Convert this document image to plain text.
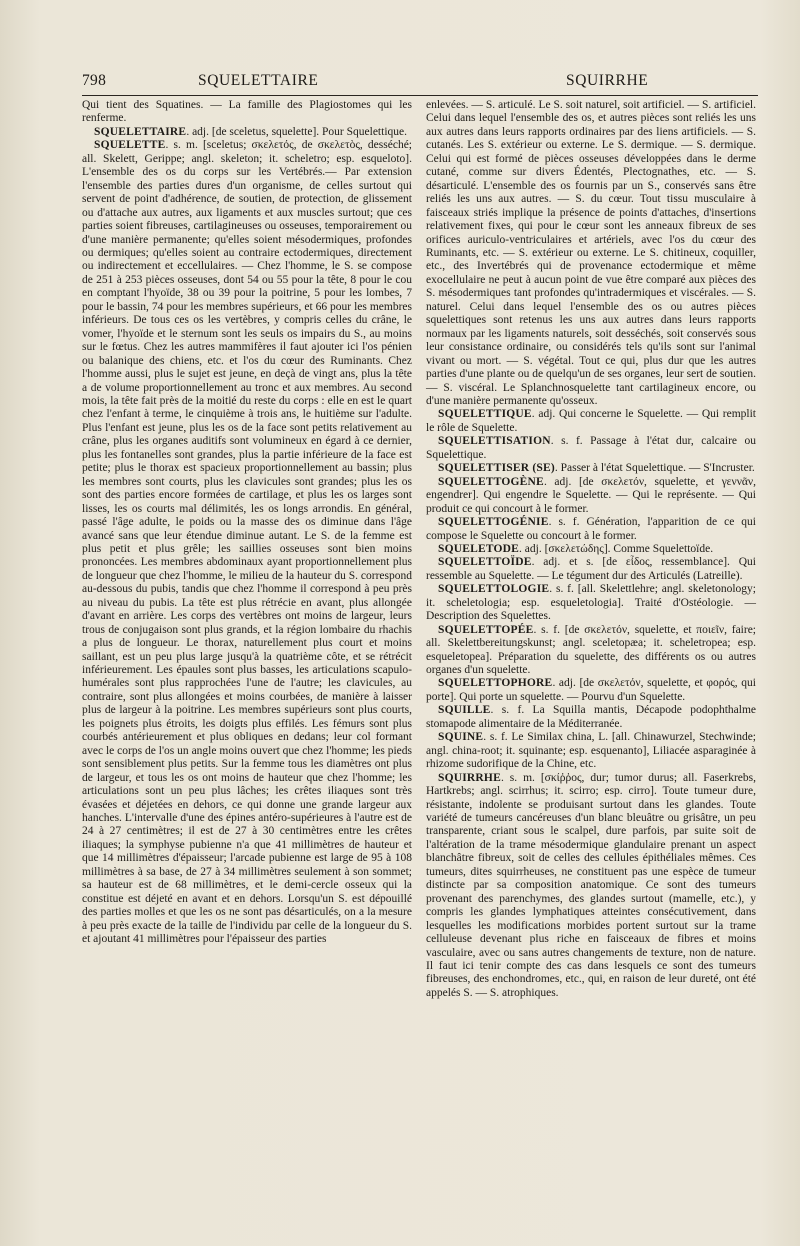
798	SQUELETTAIRE	SQUIRRHE

Qui tient des Squatines. — La famille des Plagiostomes qui les renferme.

SQUELETTAIRE. adj. [de sceletus, squelette]. Pour Squelettique.

SQUELETTE. s. m. [sceletus; σκελετός, de σκελετὸς, desséché; all. Skelett, Gerippe; angl. skeleton; it. scheletro; esp. esqueloto]. L'ensemble des os du corps sur les Vertébrés.— Par extension l'ensemble des parties dures d'un organisme, de celles surtout qui servent de point d'adhérence, de soutien, de protection, de glissement ou d'attache aux autres, aux ligaments et aux muscles surtout; que ces parties soient fibreuses, cartilagineuses ou osseuses, temporairement ou d'une manière permanente; qu'elles soient mésodermiques, profondes ou dermiques; qu'elles soient au contraire ectodermiques, directement ou indirectement et eccellulaires. — Chez l'homme, le S. se compose de 251 à 253 pièces osseuses, dont 54 ou 55 pour la tête, 8 pour le cou en comptant l'hyoïde, 38 ou 39 pour la poitrine, 5 pour les lombes, 7 pour le bassin, 74 pour les membres supérieurs, et 66 pour les membres inférieurs. De tous ces os les vertèbres, y compris celles du crâne, le vomer, l'hyoïde et le sternum sont les seuls os impairs du S., au moins sur le fœtus. Chez les autres mammifères il faut ajouter ici l'os pénien ou balanique des chiens, etc. et l'os du cœur des Ruminants. Chez l'homme aussi, plus le sujet est jeune, en deçà de vingt ans, plus la tête a de volume proportionnellement au tronc et aux membres. Au second mois, la tête fait près de la moitié du reste du corps : elle en est le quart chez l'enfant à terme, le cinquième à trois ans, le huitième sur l'adulte. Plus l'enfant est jeune, plus les os de la face sont petits relativement au crâne, plus les organes auditifs sont volumineux en égard à ce dernier, plus les fontanelles sont grandes, plus la partie inférieure de la face est petite; plus le thorax est spacieux proportionnellement au bassin; plus les membres sont courts, plus les clavicules sont grandes; plus les os sont des parties encore formées de cartilage, et plus les os larges sont lisses, les os courts mal délimités, les os longs arrondis. En général, passé l'âge adulte, le poids ou la masse des os diminue dans l'âge avancé sans que leur étendue diminue autant. Le S. de la femme est plus petit et plus grêle; les saillies osseuses sont bien moins prononcées. Les membres abdominaux ayant proportionnellement plus de longueur que chez l'homme, le milieu de la hauteur du S. correspond au-dessous du pubis, tandis que chez l'homme il correspond à peu près au niveau du pubis. La tête est plus rétrécie en avant, plus allongée d'avant en arrière. Les corps des vertèbres ont moins de largeur, leurs trous de conjugaison sont plus grands, et la région lombaire du rhachis a plus de longueur. Le thorax, naturellement plus court et moins saillant, est un peu plus large jusqu'à la quatrième côte, et se rétrécit inférieurement. Les épaules sont plus basses, les articulations scapulo-humérales sont plus rapprochées l'une de l'autre; les clavicules, au contraire, sont plus allongées et moins courbées, de manière à laisser plus de largeur à la poitrine. Les membres supérieurs sont plus courts, les poignets plus étroits, les doigts plus effilés. Les fémurs sont plus courbés antérieurement et plus obliques en dedans; leur col formant avec le corps de l'os un angle moins ouvert que chez l'homme; les pieds sont sensiblement plus petits. Sur la femme tous les diamètres ont plus de largeur, et tous les os ont moins de hauteur que chez l'homme; les articulations sont un peu plus lâches; les crêtes iliaques sont très évasées et déjetées en dehors, ce qui donne une grande largeur aux hanches. L'intervalle d'une des épines antéro-supérieures à l'autre est de 24 à 27 centimètres; il est de 27 à 30 centimètres entre les crêtes iliaques; la symphyse pubienne n'a que 41 millimètres de hauteur et que 14 millimètres d'épaisseur; l'arcade pubienne est large de 95 à 108 millimètres à sa base, de 27 à 34 millimètres seulement à son sommet; sa hauteur est de 68 millimètres, et le demi-cercle osseux qui la constitue est déjeté en avant et en dehors. Lorsqu'un S. est dépouillé des parties molles et que les os ne sont pas désarticulés, on a la mesure à peu près exacte de la taille de l'individu par celle de la longueur du S. et ajoutant 41 millimètres pour l'épaisseur des parties

enlevées. — S. articulé. Le S. soit naturel, soit artificiel. — S. artificiel. Celui dans lequel l'ensemble des os, et autres pièces sont reliés les uns aux autres dans leurs rapports ordinaires par des liens artificiels. — S. cutanés. Les S. extérieur ou externe. Le S. dermique. — S. dermique. Celui qui est formé de pièces osseuses développées dans le derme cutané, comme sur divers Édentés, Plectognathes, etc. — S. désarticulé. L'ensemble des os fournis par un S., conservés sans être reliés les uns aux autres. — S. du cœur. Tout tissu musculaire à faisceaux striés implique la présence de points d'attaches, d'insertions relativement fixes, qui pour le cœur sont les anneaux fibreux de ses orifices auriculo-ventriculaires et artériels, avec l'os du cœur des Ruminants, etc. — S. extérieur ou externe. Le S. chitineux, coquiller, etc., des Invertébrés qui de provenance ectodermique et même exocellulaire ne peut à aucun point de vue être comparé aux pièces des S. mésodermiques tant profondes qu'intradermiques et viscérales. — S. naturel. Celui dans lequel l'ensemble des os ou autres pièces squelettiques sont retenus les uns aux autres dans leurs rapports normaux par les ligaments naturels, soit desséchés, soit conservés sous leur consistance ordinaire, ou considérés tels qu'ils sont sur l'animal vivant ou mort. — S. végétal. Tout ce qui, plus dur que les autres parties d'une plante ou de quelqu'un de ses organes, leur sert de soutien. — S. viscéral. Le Splanchnosquelette tant cartilagineux encore, ou d'une manière permanente qu'osseux.

SQUELETTIQUE. adj. Qui concerne le Squelette. — Qui remplit le rôle de Squelette.

SQUELETTISATION. s. f. Passage à l'état dur, calcaire ou Squelettique.

SQUELETTISER (SE). Passer à l'état Squelettique. — S'Incruster.

SQUELETTOGÈNE. adj. [de σκελετόν, squelette, et γεννᾶν, engendrer]. Qui engendre le Squelette. — Qui le représente. — Qui produit ce qui concourt à le former.

SQUELETTOGÉNIE. s. f. Génération, l'apparition de ce qui compose le Squelette ou concourt à le former.

SQUELETODE. adj. [σκελετώδης]. Comme Squelettoïde.

SQUELETTOÏDE. adj. et s. [de εἶδος, ressemblance]. Qui ressemble au Squelette. — Le tégument dur des Articulés (Latreille).

SQUELETTOLOGIE. s. f. [all. Skelettlehre; angl. skeletonology; it. scheletologia; esp. esqueletologia]. Traité d'Ostéologie. — Description des Squelettes.

SQUELETTOPÉE. s. f. [de σκελετόν, squelette, et ποιεῖν, faire; all. Skelettbereitungskunst; angl. sceletopæa; it. scheletropea; esp. esqueletopea]. Préparation du squelette, des différents os ou autres organes d'un squelette.

SQUELETTOPHORE. adj. [de σκελετόν, squelette, et φορός, qui porte]. Qui porte un squelette. — Pourvu d'un Squelette.

SQUILLE. s. f. La Squilla mantis, Décapode podophthalme stomapode alimentaire de la Méditerranée.

SQUINE. s. f. Le Similax china, L. [all. Chinawurzel, Stechwinde; angl. china-root; it. squinante; esp. esquenanto], Liliacée asparaginée à rhizome sudorifique de la Chine, etc.

SQUIRRHE. s. m. [σκίῤῥος, dur; tumor durus; all. Faserkrebs, Hartkrebs; angl. scirrhus; it. scirro; esp. cirro]. Toute tumeur dure, résistante, indolente se produisant surtout dans les glandes. Toute variété de tumeurs cancéreuses d'un blanc bleuâtre ou grisâtre, un peu transparente, criant sous le scalpel, dure parfois, par suite soit de l'altération de la trame mésodermique glandulaire prenant un aspect blanchâtre fibreux, soit de celles des cellules épithéliales mêmes. Ces tumeurs, dites squirrheuses, ne constituent pas une espèce de tumeur distincte par sa composition anatomique. Ce sont des tumeurs provenant des parenchymes, des glandes surtout (mamelle, etc.), y compris les glandes lymphatiques atteintes consécutivement, dans lesquelles les modifications morbides portent surtout sur la trame celluleuse devenant plus riche en faisceaux de fibres et moins vasculaire, avec ou sans autres changements de texture, non de nature. Il faut ici tenir compte des cas dans lesquels ce sont des tumeurs fibreuses, des enchondromes, etc., qui, en raison de leur dureté, ont été appelés S. — S. atrophiques.
